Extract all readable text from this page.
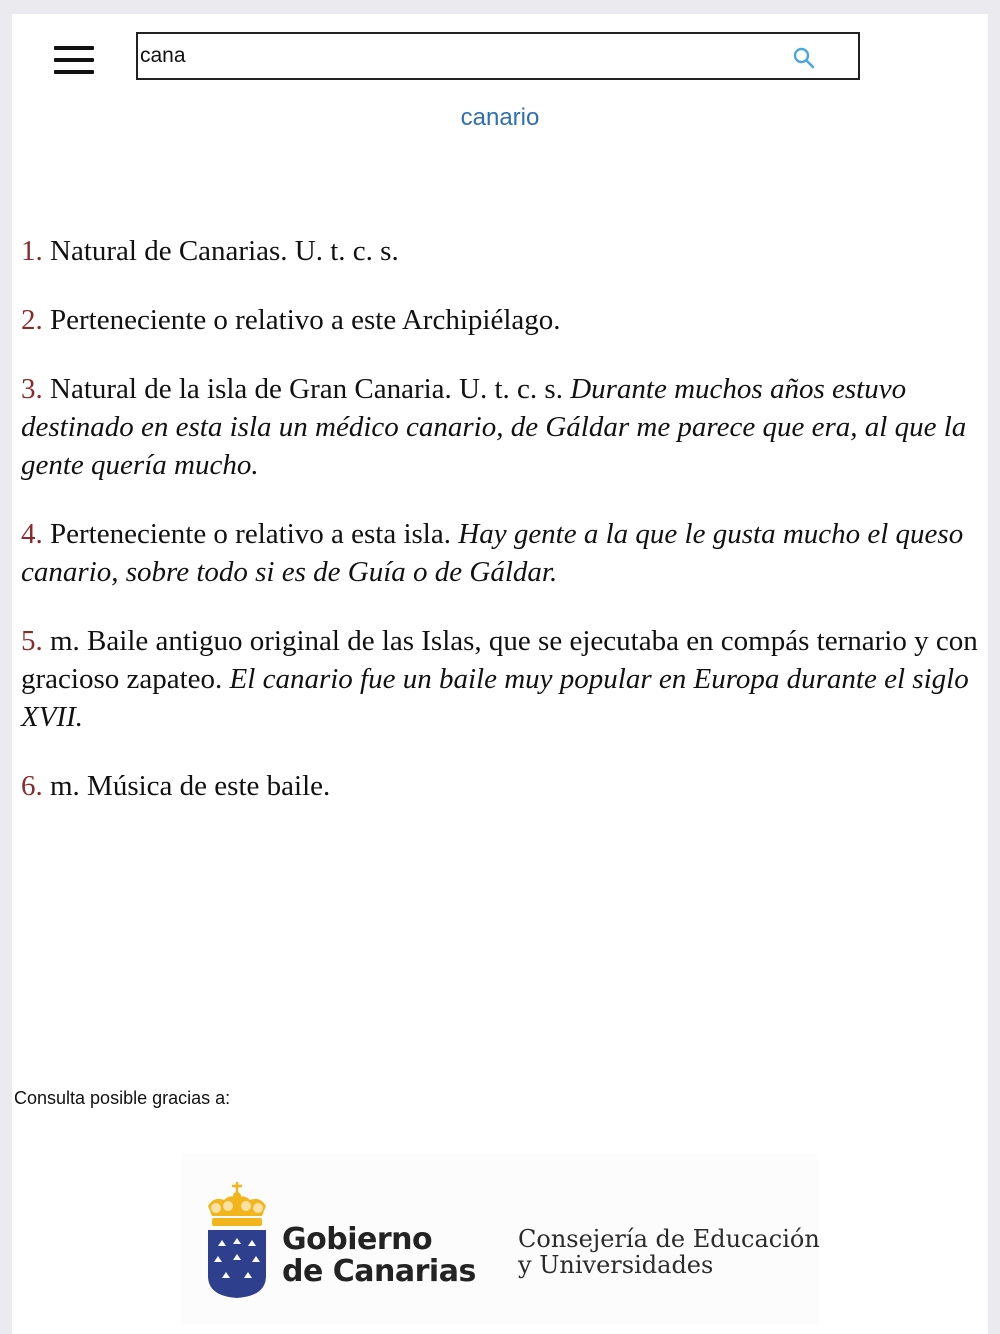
cana
canario

1. Natural de Canarias. U. t. c. s.

2. Perteneciente o relativo a este Archipiélago.

3. Natural de la isla de Gran Canaria. U. t. c. s. Durante muchos años estuvo destinado en esta isla un médico canario, de Gáldar me parece que era, al que la gente quería mucho.

4. Perteneciente o relativo a esta isla. Hay gente a la que le gusta mucho el queso canario, sobre todo si es de Guía o de Gáldar.

5. m. Baile antiguo original de las Islas, que se ejecutaba en compás ternario y con gracioso zapateo. El canario fue un baile muy popular en Europa durante el siglo XVII.

6. m. Música de este baile.

Consulta posible gracias a:
Gobierno
de Canarias
Consejería de Educación
y Universidades
